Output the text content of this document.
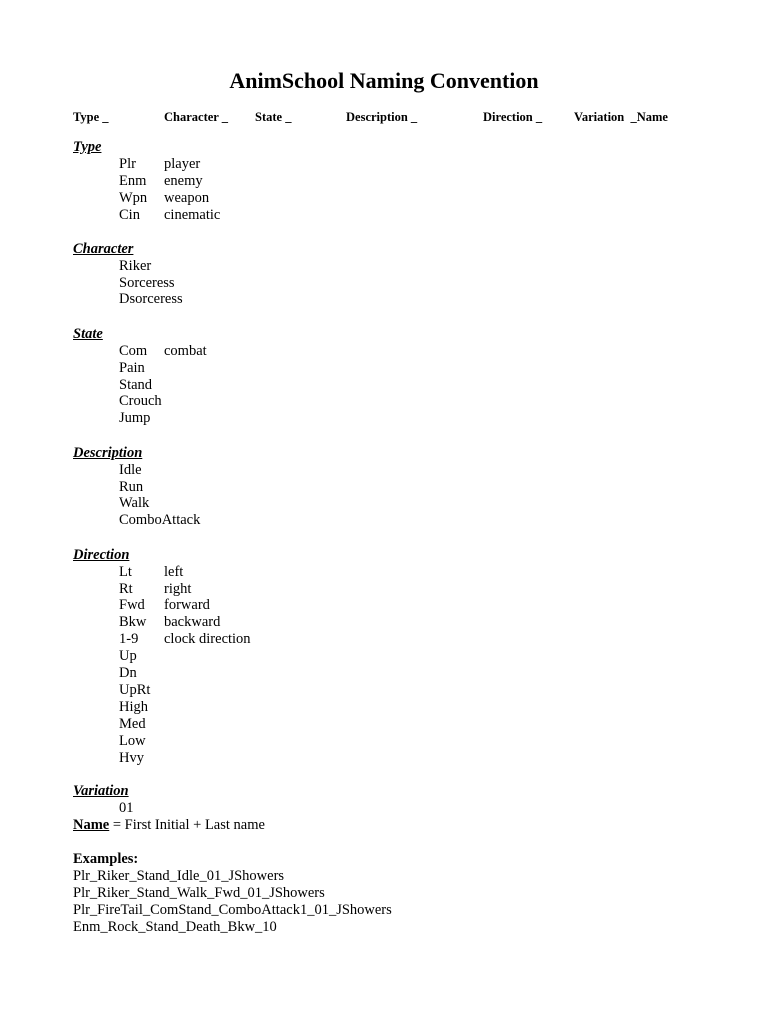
AnimSchool Naming Convention
Type _	Character _ State _	Description _	Direction _	Variation  _Name
Type
Plr player
Enm enemy
Wpn weapon
Cin cinematic
Character
Riker
Sorceress
Dsorceress
State
Com combat
Pain
Stand
Crouch
Jump
Description
Idle
Run
Walk
ComboAttack
Direction
Lt left
Rt right
Fwd forward
Bkw backward
1-9 clock direction
Up
Dn
UpRt
High
Med
Low
Hvy
Variation
01
Name = First Initial + Last name
Examples:
Plr_Riker_Stand_Idle_01_JShowers
Plr_Riker_Stand_Walk_Fwd_01_JShowers
Plr_FireTail_ComStand_ComboAttack1_01_JShowers
Enm_Rock_Stand_Death_Bkw_10
